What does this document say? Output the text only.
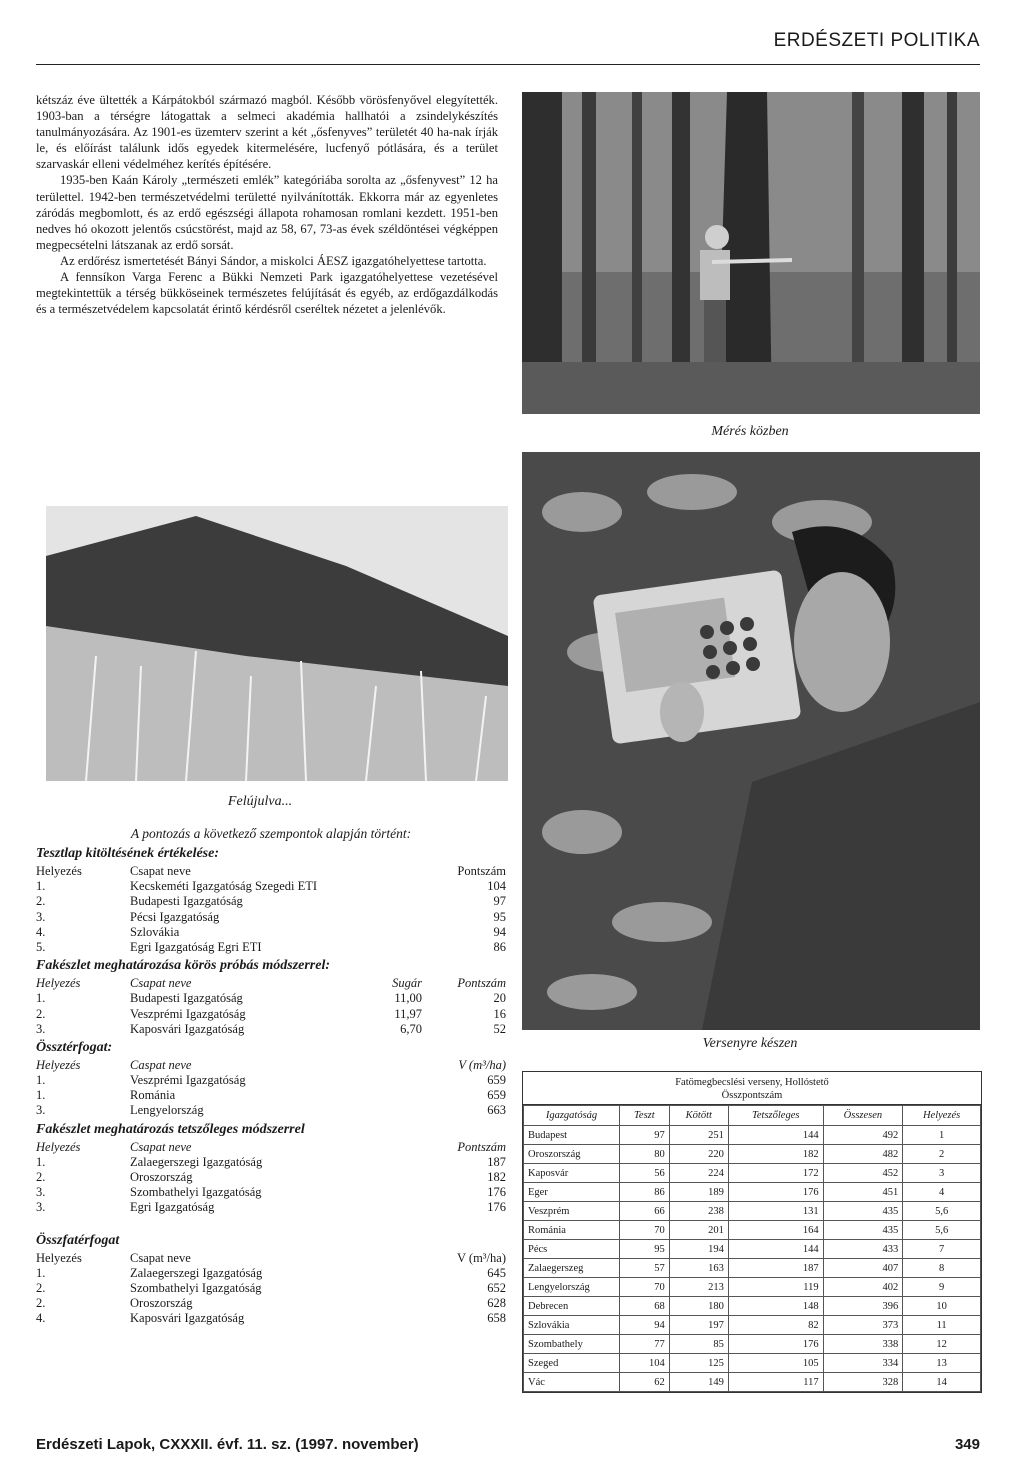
ERDÉSZETI POLITIKA

kétszáz éve ültették a Kárpátokból származó magból. Később vörösfenyővel elegyítették. 1903-ban a térségre látogattak a selmeci akadémia hallhatói a zsindelykészítés tanulmányozására. Az 1901-es üzemterv szerint a két „ősfenyves” területét 40 ha-nak írják le, és előírást találunk idős egyedek kitermelésére, lucfenyő pótlására, és a terület szarvaskár elleni védelméhez kerítés építésére.

1935-ben Kaán Károly „természeti emlék” kategóriába sorolta az „ősfenyvest” 12 ha területtel. 1942-ben természetvédelmi területté nyilvánították. Ekkorra már az egyenletes záródás megbomlott, és az erdő egészségi állapota rohamosan romlani kezdett. 1951-ben nedves hó okozott jelentős csúcstörést, majd az 58, 67, 73-as évek széldöntései végképpen megpecsételni látszanak az erdő sorsát.

Az erdőrész ismertetését Bányi Sándor, a miskolci ÁESZ igazgatóhelyettese tartotta.

A fennsíkon Varga Ferenc a Bükki Nemzeti Park igazgatóhelyettese vezetésével megtekintettük a térség bükköseinek természetes felújítását és egyéb, az erdőgazdálkodás és a természetvédelem kapcsolatát érintő kérdésről cseréltek nézetet a jelenlévők.

Mérés közben
Felújulva...
Versenyre készen
A pontozás a következő szempontok alapján történt:
Tesztlap kitöltésének értékelése:
Helyezés	Csapat neve	Pontszám
1.	Kecskeméti Igazgatóság Szegedi ETI	104
2.	Budapesti Igazgatóság	97
3.	Pécsi Igazgatóság	95
4.	Szlovákia	94
5.	Egri Igazgatóság Egri ETI	86
Fakészlet meghatározása körös próbás módszerrel:
Helyezés	Csapat neve	Sugár	Pontszám
1.	Budapesti Igazgatóság	11,00	20
2.	Veszprémi Igazgatóság	11,97	16
3.	Kaposvári Igazgatóság	6,70	52
Össztérfogat:
Helyezés	Caspat neve	V (m³/ha)
1.	Veszprémi Igazgatóság	659
1.	Románia	659
3.	Lengyelország	663
Fakészlet meghatározás tetszőleges módszerrel
Helyezés	Csapat neve	Pontszám
1.	Zalaegerszegi Igazgatóság	187
2.	Oroszország	182
3.	Szombathelyi Igazgatóság	176
3.	Egri Igazgatóság	176
Összfatérfogat
Helyezés	Csapat neve	V (m³/ha)
1.	Zalaegerszegi Igazgatóság	645
2.	Szombathelyi Igazgatóság	652
2.	Oroszország	628
4.	Kaposvári Igazgatóság	658
Fatömegbecslési verseny, Hollóstető
Összpontszám
Igazgatóság	Teszt	Kötött	Tetszőleges	Összesen	Helyezés
Budapest	97	251	144	492	1
Oroszország	80	220	182	482	2
Kaposvár	56	224	172	452	3
Eger	86	189	176	451	4
Veszprém	66	238	131	435	5,6
Románia	70	201	164	435	5,6
Pécs	95	194	144	433	7
Zalaegerszeg	57	163	187	407	8
Lengyelország	70	213	119	402	9
Debrecen	68	180	148	396	10
Szlovákia	94	197	82	373	11
Szombathely	77	85	176	338	12
Szeged	104	125	105	334	13
Vác	62	149	117	328	14
Erdészeti Lapok, CXXXII. évf. 11. sz. (1997. november)	349
